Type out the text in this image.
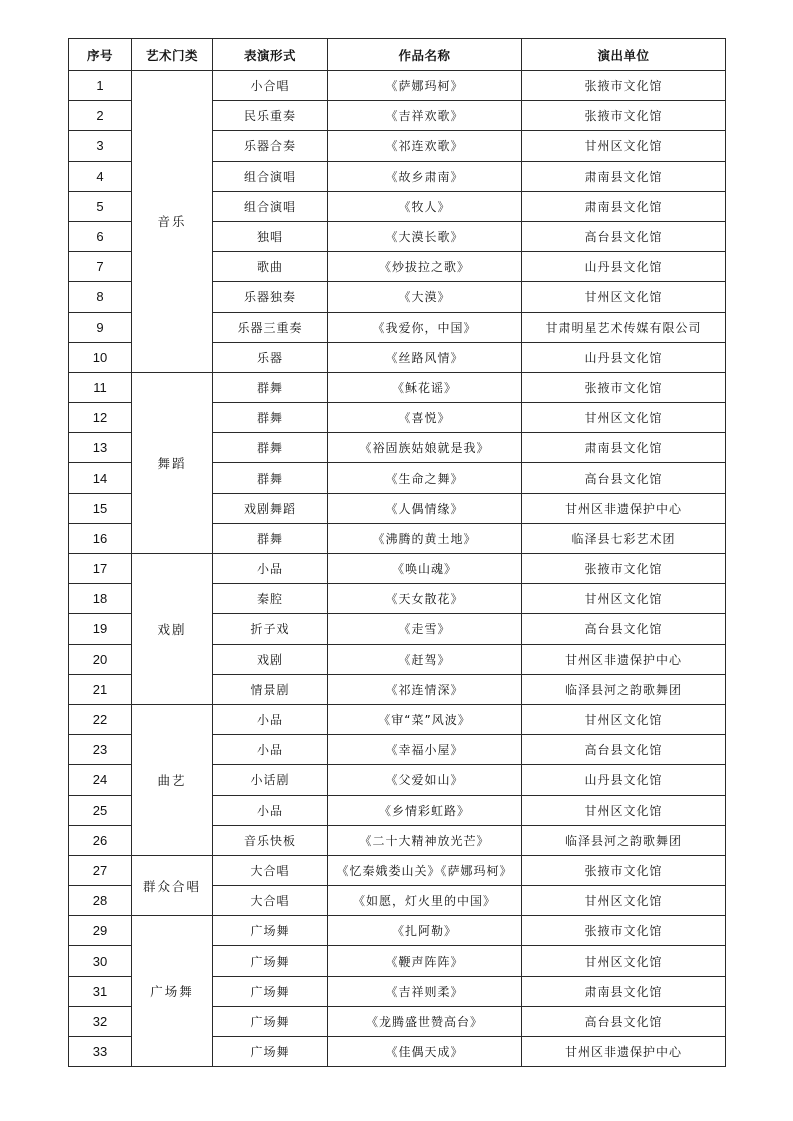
序号	艺术门类	表演形式	作品名称	演出单位
1	音乐	小合唱	《萨娜玛柯》	张掖市文化馆
2		民乐重奏	《吉祥欢歌》	张掖市文化馆
3		乐器合奏	《祁连欢歌》	甘州区文化馆
4		组合演唱	《故乡肃南》	肃南县文化馆
5		组合演唱	《牧人》	肃南县文化馆
6		独唱	《大漠长歌》	高台县文化馆
7		歌曲	《炒拔拉之歌》	山丹县文化馆
8		乐器独奏	《大漠》	甘州区文化馆
9		乐器三重奏	《我爱你，中国》	甘肃明星艺术传媒有限公司
10		乐器	《丝路风情》	山丹县文化馆
11	舞蹈	群舞	《稣花谣》	张掖市文化馆
12		群舞	《喜悦》	甘州区文化馆
13		群舞	《裕固族姑娘就是我》	肃南县文化馆
14		群舞	《生命之舞》	高台县文化馆
15		戏剧舞蹈	《人偶情缘》	甘州区非遗保护中心
16		群舞	《沸腾的黄土地》	临泽县七彩艺术团
17	戏剧	小品	《唤山魂》	张掖市文化馆
18		秦腔	《天女散花》	甘州区文化馆
19		折子戏	《走雪》	高台县文化馆
20		戏剧	《赶驾》	甘州区非遗保护中心
21		情景剧	《祁连情深》	临泽县河之韵歌舞团
22	曲艺	小品	《审“菜”风波》	甘州区文化馆
23		小品	《幸福小屋》	高台县文化馆
24		小话剧	《父爱如山》	山丹县文化馆
25		小品	《乡情彩虹路》	甘州区文化馆
26		音乐快板	《二十大精神放光芒》	临泽县河之韵歌舞团
27	群众合唱	大合唱	《忆秦娥娄山关》《萨娜玛柯》	张掖市文化馆
28		大合唱	《如愿，灯火里的中国》	甘州区文化馆
29	广场舞	广场舞	《扎阿勒》	张掖市文化馆
30		广场舞	《鞭声阵阵》	甘州区文化馆
31		广场舞	《吉祥则柔》	肃南县文化馆
32		广场舞	《龙腾盛世赞高台》	高台县文化馆
33		广场舞	《佳偶天成》	甘州区非遗保护中心
